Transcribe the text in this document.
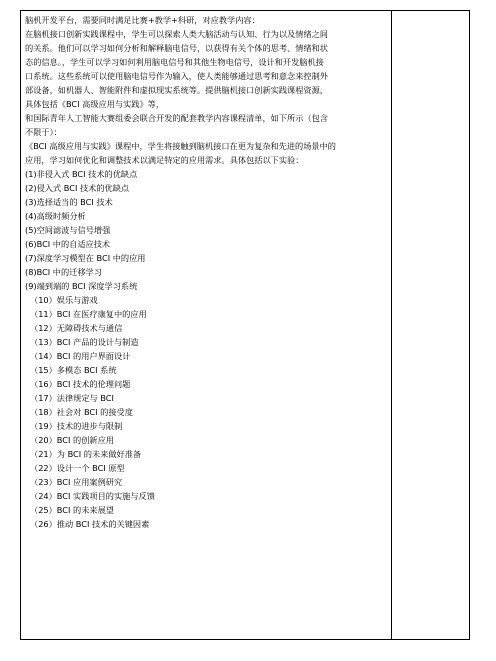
脑机开发平台，需要同时满足比赛+教学+科研，对应教学内容：
在脑机接口创新实践课程中，学生可以探索人类大脑活动与认知、行为以及情绪之间
的关系。他们可以学习如何分析和解释脑电信号，以获得有关个体的思考、情绪和状
态的信息。，学生可以学习如何利用脑电信号和其他生物电信号，设计和开发脑机接
口系统。这些系统可以使用脑电信号作为输入，使人类能够通过思考和意念来控制外
部设备，如机器人、智能附件和虚拟现实系统等。提供脑机接口创新实践课程资源，
具体包括《BCI 高级应用与实践》等，
和国际青年人工智能大赛组委会联合开发的配套教学内容课程清单，如下所示（包含
不限于）：
《BCI 高级应用与实践》课程中，学生将接触到脑机接口在更为复杂和先进的场景中的
应用，学习如何优化和调整技术以满足特定的应用需求。具体包括以下实验：
(1)非侵入式 BCI 技术的优缺点
(2)侵入式 BCI 技术的优缺点
(3)选择适当的 BCI 技术
(4)高级时频分析
(5)空间滤波与信号增强
(6)BCI 中的自适应技术
(7)深度学习模型在 BCI 中的应用
(8)BCI 中的迁移学习
(9)端到端的 BCI 深度学习系统
（10）娱乐与游戏
（11）BCI 在医疗康复中的应用
（12）无障碍技术与通信
（13）BCI 产品的设计与制造
（14）BCI 的用户界面设计
（15）多模态 BCI 系统
（16）BCI 技术的伦理问题
（17）法律规定与 BCI
（18）社会对 BCI 的接受度
（19）技术的进步与限制
（20）BCI 的创新应用
（21）为 BCI 的未来做好准备
（22）设计一个 BCI 原型
（23）BCI 应用案例研究
（24）BCI 实践项目的实施与反馈
（25）BCI 的未来展望
（26）推动 BCI 技术的关键因素
